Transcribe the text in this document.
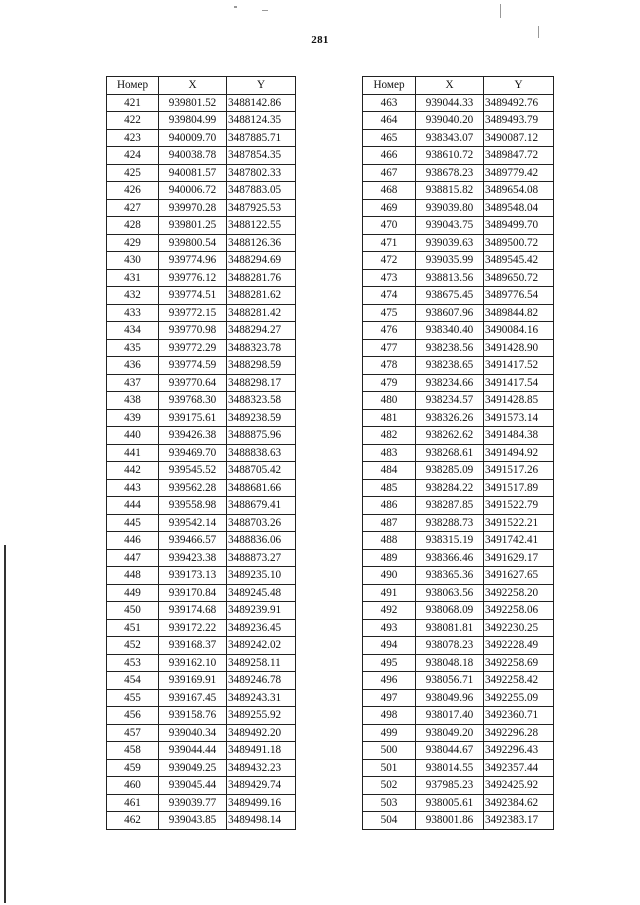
281
Номер	X	Y
421	939801.52	3488142.86
422	939804.99	3488124.35
423	940009.70	3487885.71
424	940038.78	3487854.35
425	940081.57	3487802.33
426	940006.72	3487883.05
427	939970.28	3487925.53
428	939801.25	3488122.55
429	939800.54	3488126.36
430	939774.96	3488294.69
431	939776.12	3488281.76
432	939774.51	3488281.62
433	939772.15	3488281.42
434	939770.98	3488294.27
435	939772.29	3488323.78
436	939774.59	3488298.59
437	939770.64	3488298.17
438	939768.30	3488323.58
439	939175.61	3489238.59
440	939426.38	3488875.96
441	939469.70	3488838.63
442	939545.52	3488705.42
443	939562.28	3488681.66
444	939558.98	3488679.41
445	939542.14	3488703.26
446	939466.57	3488836.06
447	939423.38	3488873.27
448	939173.13	3489235.10
449	939170.84	3489245.48
450	939174.68	3489239.91
451	939172.22	3489236.45
452	939168.37	3489242.02
453	939162.10	3489258.11
454	939169.91	3489246.78
455	939167.45	3489243.31
456	939158.76	3489255.92
457	939040.34	3489492.20
458	939044.44	3489491.18
459	939049.25	3489432.23
460	939045.44	3489429.74
461	939039.77	3489499.16
462	939043.85	3489498.14
Номер	X	Y
463	939044.33	3489492.76
464	939040.20	3489493.79
465	938343.07	3490087.12
466	938610.72	3489847.72
467	938678.23	3489779.42
468	938815.82	3489654.08
469	939039.80	3489548.04
470	939043.75	3489499.70
471	939039.63	3489500.72
472	939035.99	3489545.42
473	938813.56	3489650.72
474	938675.45	3489776.54
475	938607.96	3489844.82
476	938340.40	3490084.16
477	938238.56	3491428.90
478	938238.65	3491417.52
479	938234.66	3491417.54
480	938234.57	3491428.85
481	938326.26	3491573.14
482	938262.62	3491484.38
483	938268.61	3491494.92
484	938285.09	3491517.26
485	938284.22	3491517.89
486	938287.85	3491522.79
487	938288.73	3491522.21
488	938315.19	3491742.41
489	938366.46	3491629.17
490	938365.36	3491627.65
491	938063.56	3492258.20
492	938068.09	3492258.06
493	938081.81	3492230.25
494	938078.23	3492228.49
495	938048.18	3492258.69
496	938056.71	3492258.42
497	938049.96	3492255.09
498	938017.40	3492360.71
499	938049.20	3492296.28
500	938044.67	3492296.43
501	938014.55	3492357.44
502	937985.23	3492425.92
503	938005.61	3492384.62
504	938001.86	3492383.17
